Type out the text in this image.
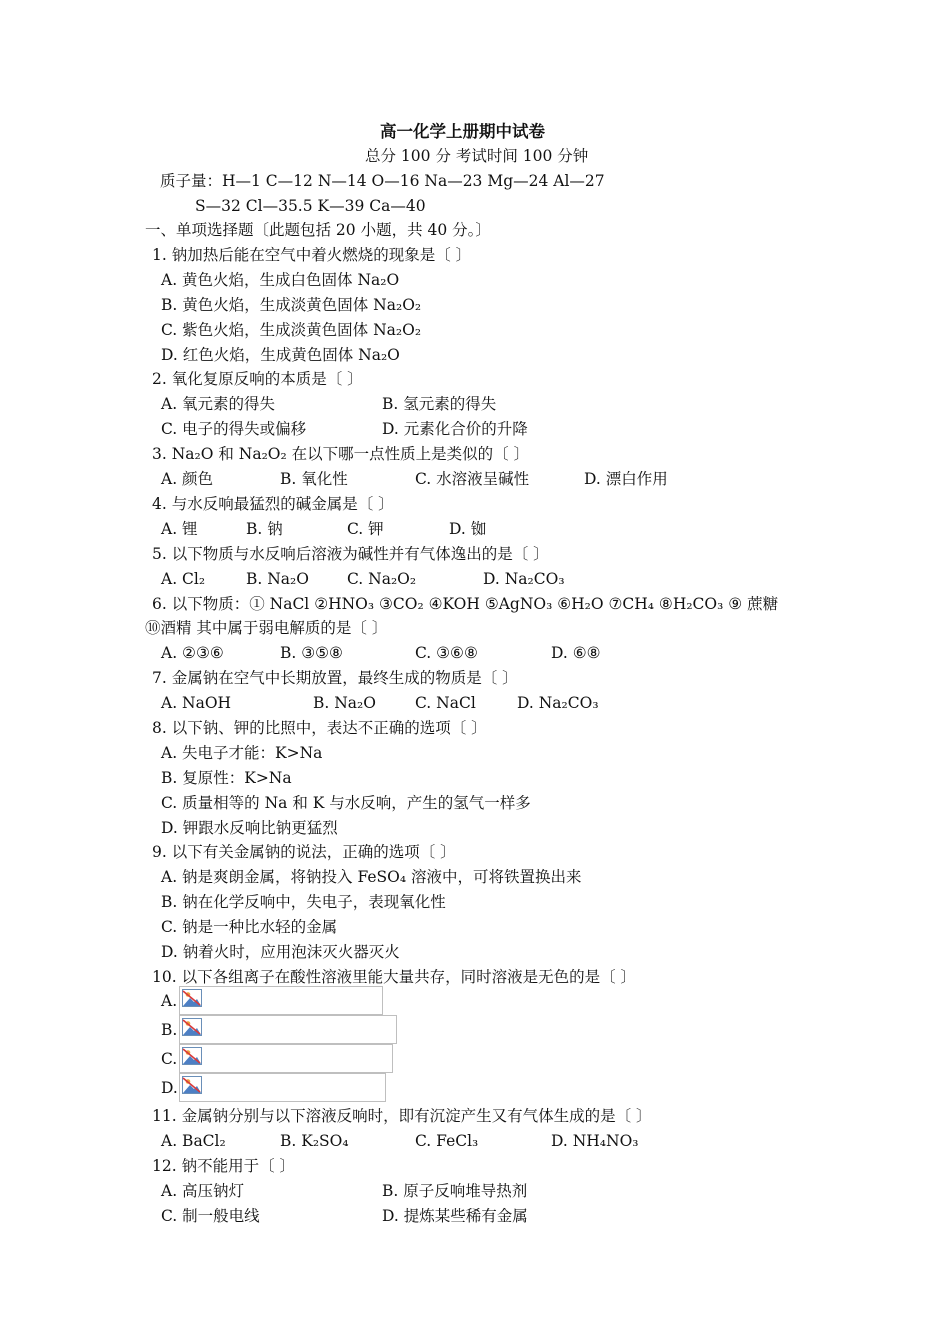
高一化学上册期中试卷
总分 100 分 考试时间 100 分钟
质子量：H—1 C—12 N—14 O—16 Na—23 Mg—24 Al—27
S—32 Cl—35.5 K—39 Ca—40
一、单项选择题〔此题包括 20 小题，共 40 分。〕
1. 钠加热后能在空气中着火燃烧的现象是〔 〕
A. 黄色火焰，生成白色固体 Na₂O
B. 黄色火焰，生成淡黄色固体 Na₂O₂
C. 紫色火焰，生成淡黄色固体 Na₂O₂
D. 红色火焰，生成黄色固体 Na₂O
2. 氧化复原反响的本质是〔 〕
A. 氧元素的得失	B. 氢元素的得失
C. 电子的得失或偏移	D. 元素化合价的升降
3. Na₂O 和 Na₂O₂ 在以下哪一点性质上是类似的〔 〕
A. 颜色	B. 氧化性	C. 水溶液呈碱性	D. 漂白作用
4. 与水反响最猛烈的碱金属是〔 〕
A. 锂	B. 钠	C. 钾	D. 铷
5. 以下物质与水反响后溶液为碱性并有气体逸出的是〔 〕
A. Cl₂	B. Na₂O C. Na₂O₂	D. Na₂CO₃
6. 以下物质：① NaCl ②HNO₃ ③CO₂ ④KOH ⑤AgNO₃ ⑥H₂O ⑦CH₄ ⑧H₂CO₃ ⑨ 蔗糖
⑩酒精 其中属于弱电解质的是〔 〕
A. ②③⑥	B. ③⑤⑧	C. ③⑥⑧	D. ⑥⑧
7. 金属钠在空气中长期放置，最终生成的物质是〔 〕
A. NaOH	B. Na₂O	C. NaCl	D. Na₂CO₃
8. 以下钠、钾的比照中，表达不正确的选项〔 〕
A. 失电子才能：K>Na
B. 复原性：K>Na
C. 质量相等的 Na 和 K 与水反响，产生的氢气一样多
D. 钾跟水反响比钠更猛烈
9. 以下有关金属钠的说法，正确的选项〔 〕
A. 钠是爽朗金属，将钠投入 FeSO₄ 溶液中，可将铁置换出来
B. 钠在化学反响中，失电子，表现氧化性
C. 钠是一种比水轻的金属
D. 钠着火时，应用泡沫灭火器灭火
10. 以下各组离子在酸性溶液里能大量共存，同时溶液是无色的是〔 〕
A.
B.
C.
D.
11. 金属钠分别与以下溶液反响时，即有沉淀产生又有气体生成的是〔 〕
A. BaCl₂	B. K₂SO₄	C. FeCl₃	D. NH₄NO₃
12. 钠不能用于〔 〕
A. 高压钠灯	B. 原子反响堆导热剂
C. 制一般电线	D. 提炼某些稀有金属
